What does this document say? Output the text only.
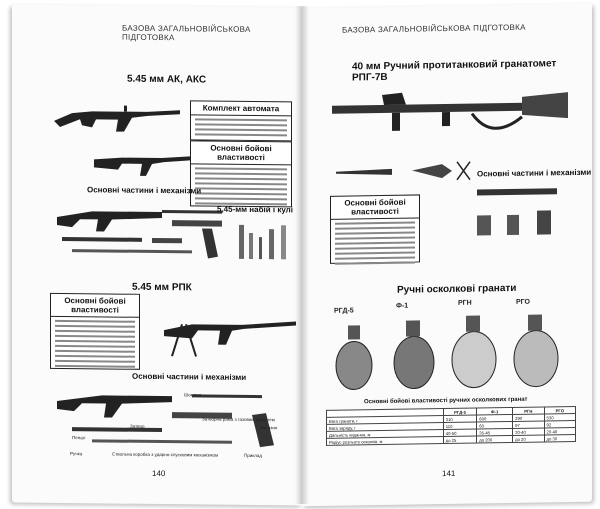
БАЗОВА ЗАГАЛЬНОВІЙСЬКОВА ПІДГОТОВКА
5.45 мм АК, АКС
Комплект автомата
Основні бойові властивості
Основні частини і механізми
5,45-мм набій і кулі
5.45 мм РПК
Основні бойові властивості
Основні частини і механізми
Шомпол
Затворна рама з газовим поршнем
Затвор	Магазин
Пенал
Ручка	Ствольна коробка з ударно-спусковим механізмом	Приклад
140
БАЗОВА ЗАГАЛЬНОВІЙСЬКОВА ПІДГОТОВКА
40 мм Ручний протитанковий гранатомет РПГ-7В
Основні частини і механізми
Основні бойові властивості
Ручні осколкові гранати
РГД-5
Ф-1	РГН	РГО
Основні бойові властивості ручних осколкових гранат
	РГД-5	Ф-1	РГН	РГО
Вага гранати, г	310	600	290	530
Вага заряду, г	110	60	97	92
Дальність кидання, м	40-50	35-45	30-40	20-40
Радіус розльоту осколків, м	до 25	до 200	до 20	до 30
141
